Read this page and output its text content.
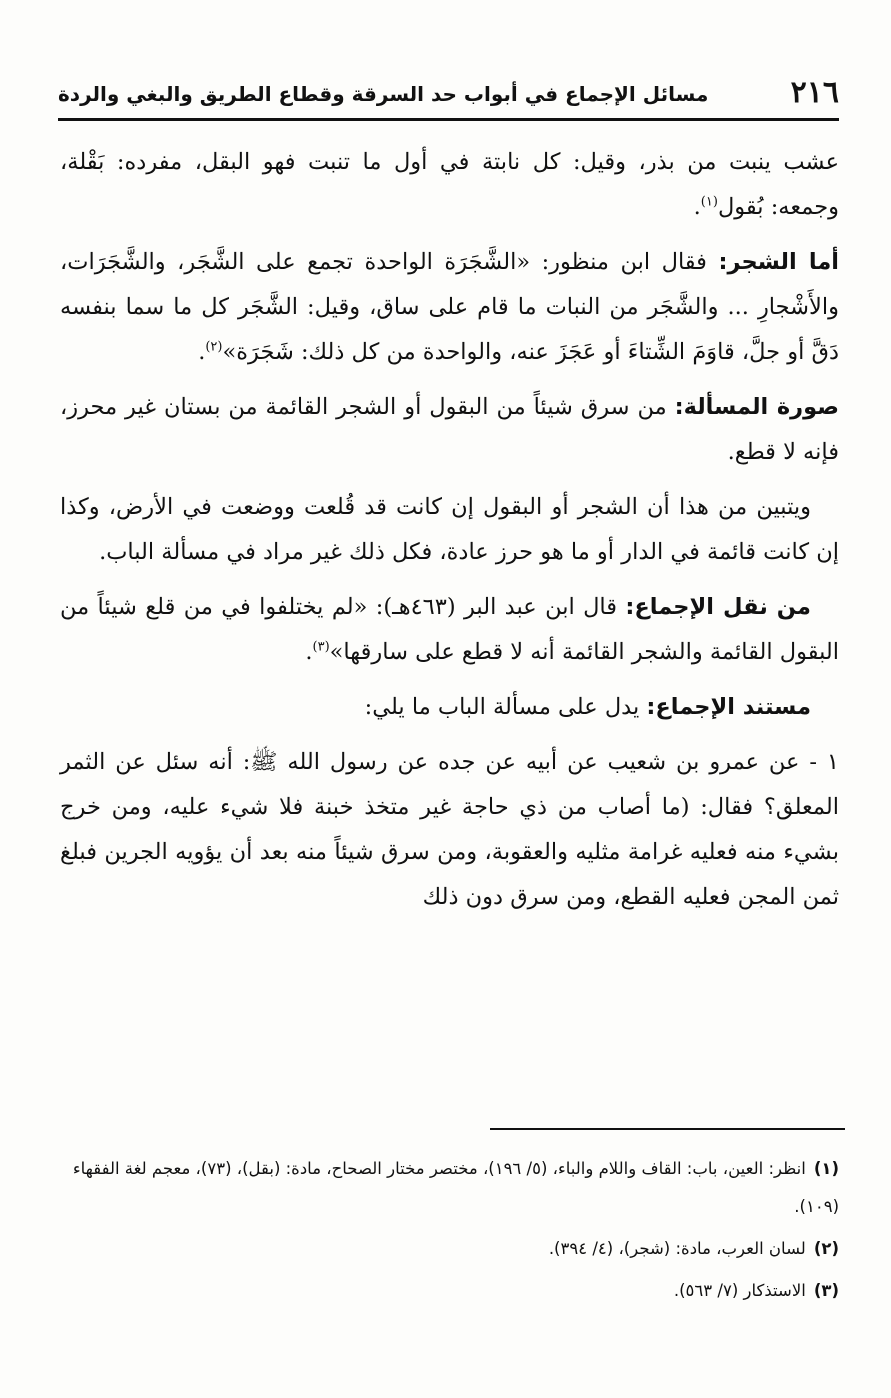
٢١٦
مسائل الإجماع في أبواب حد السرقة وقطاع الطريق والبغي والردة

عشب ينبت من بذر، وقيل: كل نابتة في أول ما تنبت فهو البقل، مفرده: بَقْلة، وجمعه: بُقول$^{(١)}$.

أما الشجر: فقال ابن منظور: «الشَّجَرَة الواحدة تجمع على الشَّجَر، والشَّجَرَات، والأَشْجارِ ... والشَّجَر من النبات ما قام على ساق، وقيل: الشَّجَر كل ما سما بنفسه دَقَّ أو جلَّ، قاوَمَ الشِّتاءَ أو عَجَزَ عنه، والواحدة من كل ذلك: شَجَرَة»$^{(٢)}$.

صورة المسألة: من سرق شيئاً من البقول أو الشجر القائمة من بستان غير محرز، فإنه لا قطع.

ويتبين من هذا أن الشجر أو البقول إن كانت قد قُلعت ووضعت في الأرض، وكذا إن كانت قائمة في الدار أو ما هو حرز عادة، فكل ذلك غير مراد في مسألة الباب.

من نقل الإجماع: قال ابن عبد البر (٤٦٣هـ): «لم يختلفوا في من قلع شيئاً من البقول القائمة والشجر القائمة أنه لا قطع على سارقها»$^{(٣)}$.

مستند الإجماع: يدل على مسألة الباب ما يلي:

١ - عن عمرو بن شعيب عن أبيه عن جده عن رسول الله ﷺ: أنه سئل عن الثمر المعلق؟ فقال: (ما أصاب من ذي حاجة غير متخذ خبنة فلا شيء عليه، ومن خرج بشيء منه فعليه غرامة مثليه والعقوبة، ومن سرق شيئاً منه بعد أن يؤويه الجرين فبلغ ثمن المجن فعليه القطع، ومن سرق دون ذلك

(١)انظر: العين، باب: القاف واللام والباء، (٥/ ١٩٦)، مختصر مختار الصحاح، مادة: (بقل)، (٧٣)، معجم لغة الفقهاء (١٠٩).

(٢)لسان العرب، مادة: (شجر)، (٤/ ٣٩٤).

(٣)الاستذكار (٧/ ٥٦٣).
